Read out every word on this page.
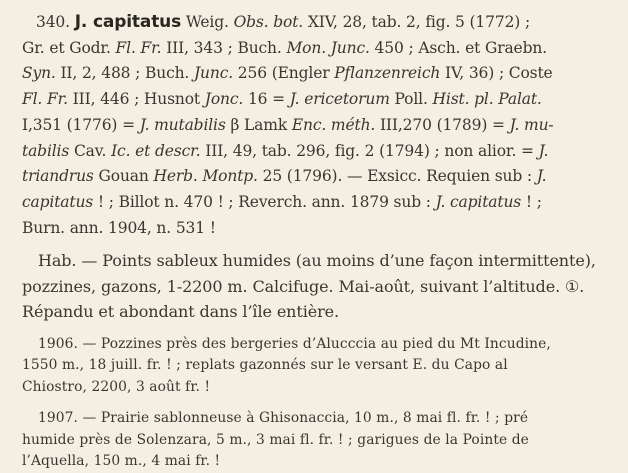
340. J. capitatus Weig. Obs. bot. XIV, 28, tab. 2, fig. 5 (1772) ;
Gr. et Godr. Fl. Fr. III, 343 ; Buch. Mon. Junc. 450 ; Asch. et Graebn.
Syn. II, 2, 488 ; Buch. Junc. 256 (Engler Pflanzenreich IV, 36) ; Coste
Fl. Fr. III, 446 ; Husnot Jonc. 16 = J. ericetorum Poll. Hist. pl. Palat.
I,351 (1776) = J. mutabilis β Lamk Enc. méth. III,270 (1789) = J. mu-
tabilis Cav. Ic. et descr. III, 49, tab. 296, fig. 2 (1794) ; non alior. = J.
triandrus Gouan Herb. Montp. 25 (1796). — Exsicc. Requien sub : J.
capitatus ! ; Billot n. 470 ! ; Reverch. ann. 1879 sub : J. capitatus ! ;
Burn. ann. 1904, n. 531 !

Hab. — Points sableux humides (au moins d’une façon intermittente),
pozzines, gazons, 1-2200 m. Calcifuge. Mai-août, suivant l’altitude. ①.
Répandu et abondant dans l’île entière.

1906. — Pozzines près des bergeries d’Alucccia au pied du Mt Incudine,
1550 m., 18 juill. fr. ! ; replats gazonnés sur le versant E. du Capo al
Chiostro, 2200, 3 août fr. !

1907. — Prairie sablonneuse à Ghisonaccia, 10 m., 8 mai fl. fr. ! ; pré
humide près de Solenzara, 5 m., 3 mai fl. fr. ! ; garigues de la Pointe de
l’Aquella, 150 m., 4 mai fr. !
